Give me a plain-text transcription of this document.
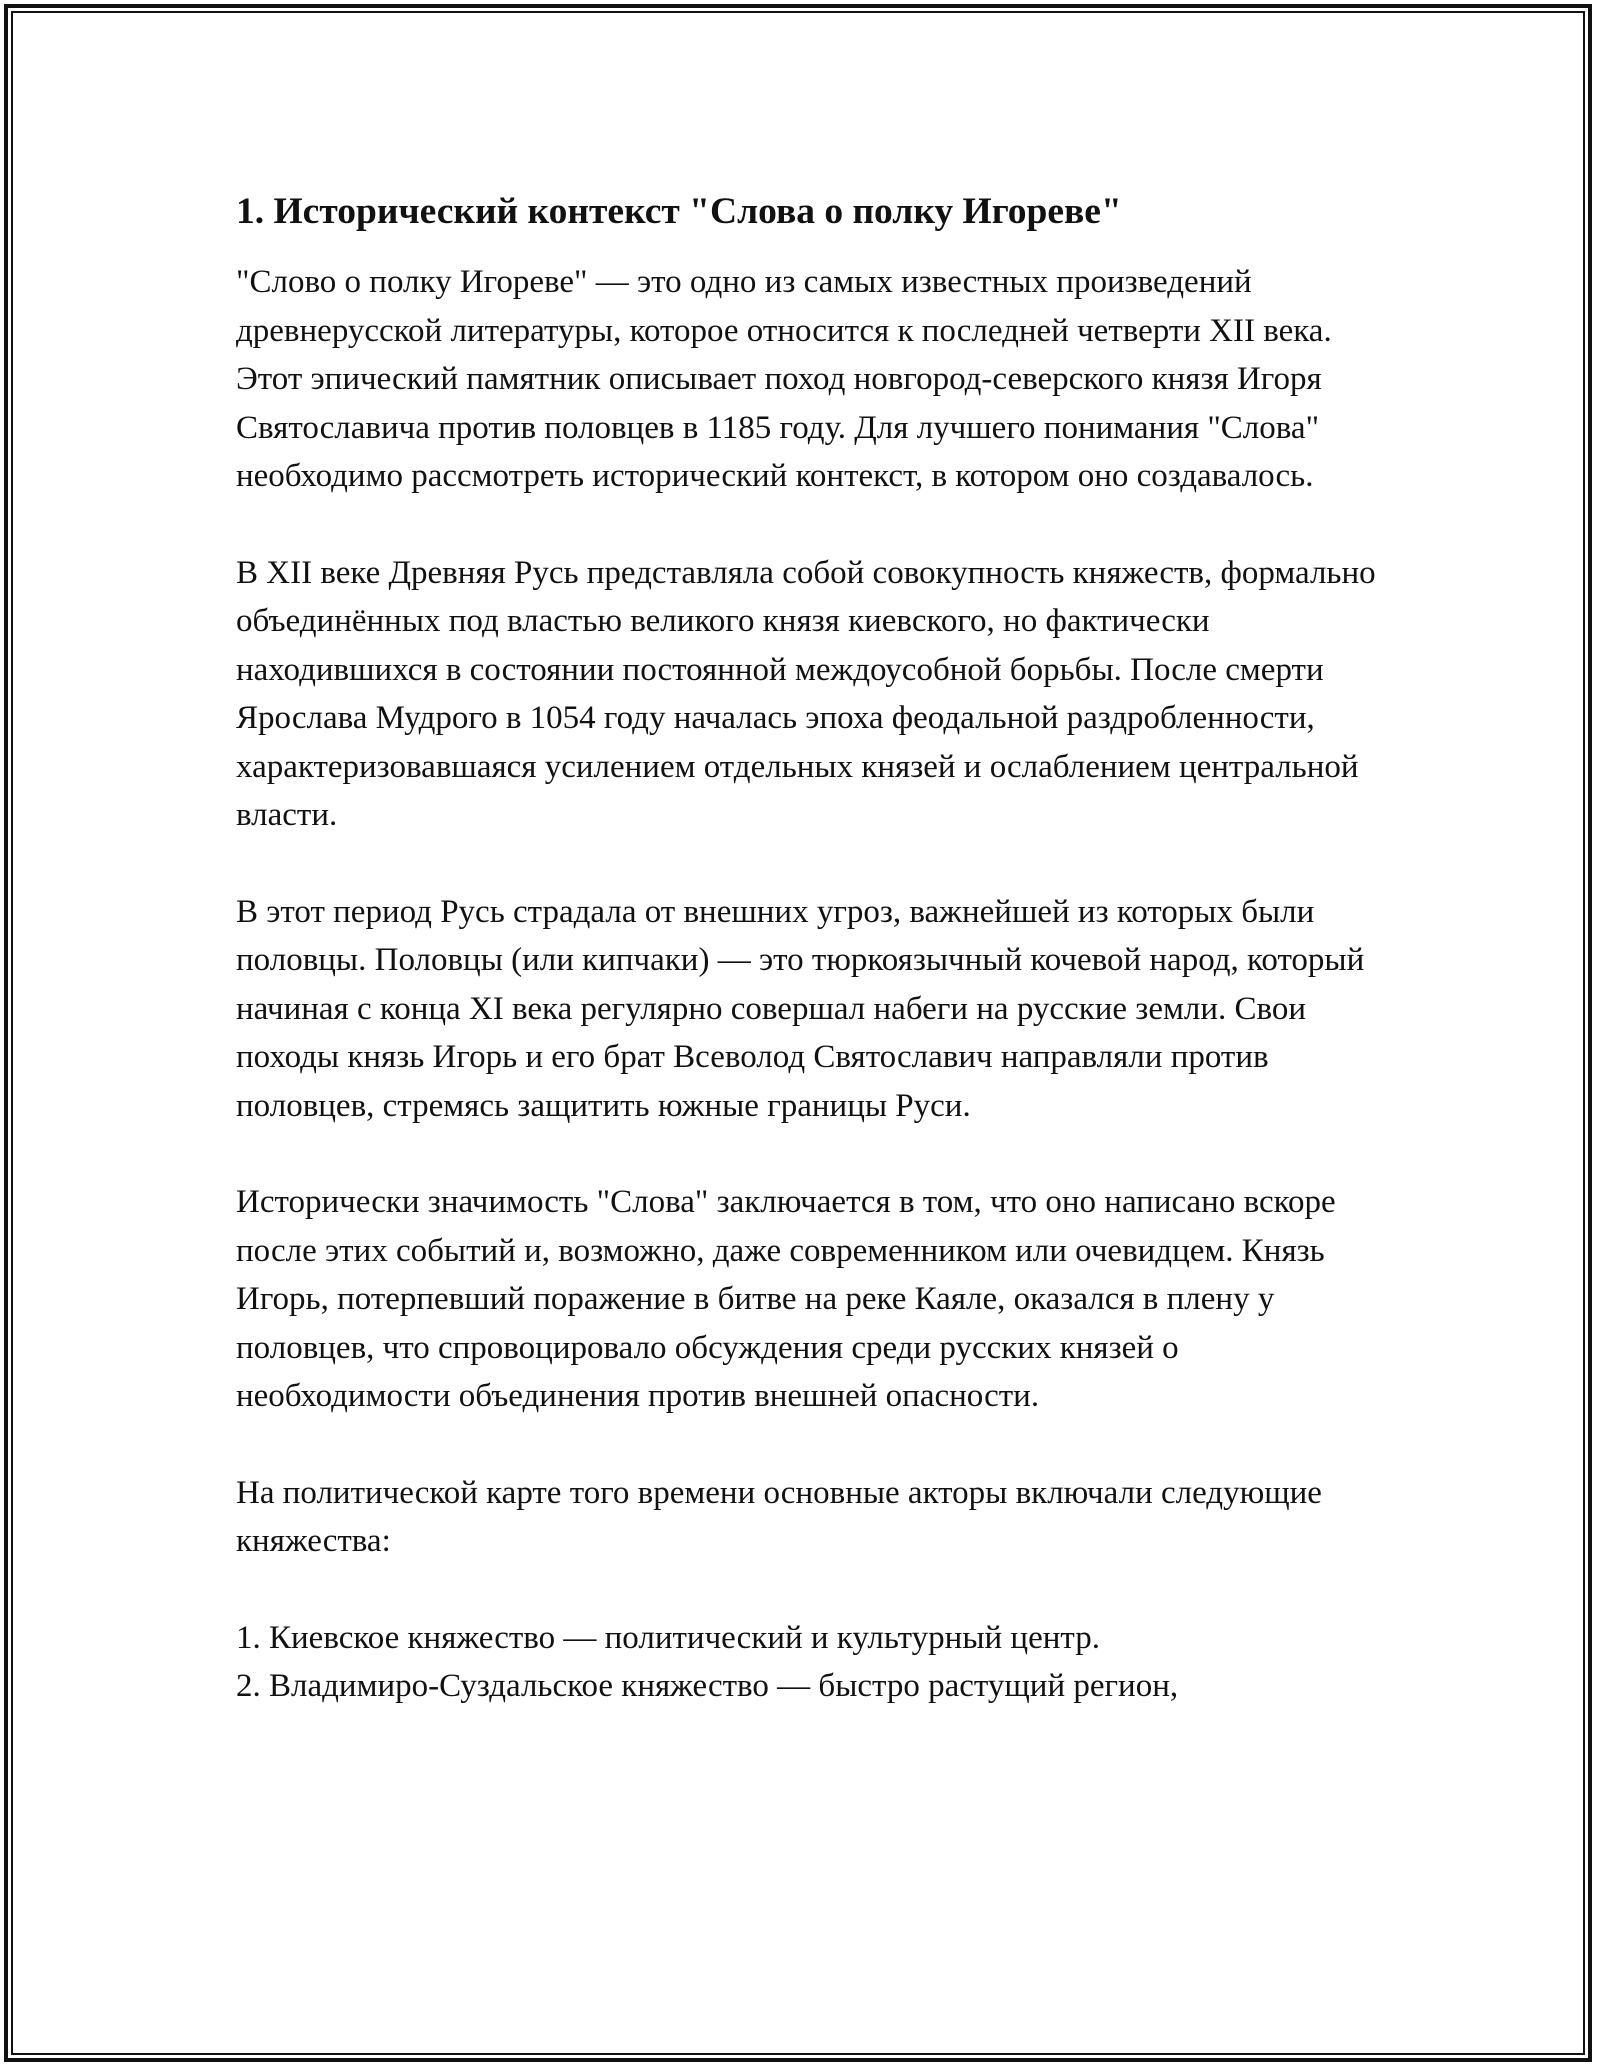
1. Исторический контекст "Слова о полку Игореве"

"Слово о полку Игореве" — это одно из самых известных произведений древнерусской литературы, которое относится к последней четверти XII века. Этот эпический памятник описывает поход новгород-северского князя Игоря Святославича против половцев в 1185 году. Для лучшего понимания "Слова" необходимо рассмотреть исторический контекст, в котором оно создавалось.

В XII веке Древняя Русь представляла собой совокупность княжеств, формально объединённых под властью великого князя киевского, но фактически находившихся в состоянии постоянной междоусобной борьбы. После смерти Ярослава Мудрого в 1054 году началась эпоха феодальной раздробленности, характеризовавшаяся усилением отдельных князей и ослаблением центральной власти.

В этот период Русь страдала от внешних угроз, важнейшей из которых были половцы. Половцы (или кипчаки) — это тюркоязычный кочевой народ, который начиная с конца XI века регулярно совершал набеги на русские земли. Свои походы князь Игорь и его брат Всеволод Святославич направляли против половцев, стремясь защитить южные границы Руси.

Исторически значимость "Слова" заключается в том, что оно написано вскоре после этих событий и, возможно, даже современником или очевидцем. Князь Игорь, потерпевший поражение в битве на реке Каяле, оказался в плену у половцев, что спровоцировало обсуждения среди русских князей о необходимости объединения против внешней опасности.

На политической карте того времени основные акторы включали следующие княжества:

1. Киевское княжество — политический и культурный центр.
2. Владимиро-Суздальское княжество — быстро растущий регион,
